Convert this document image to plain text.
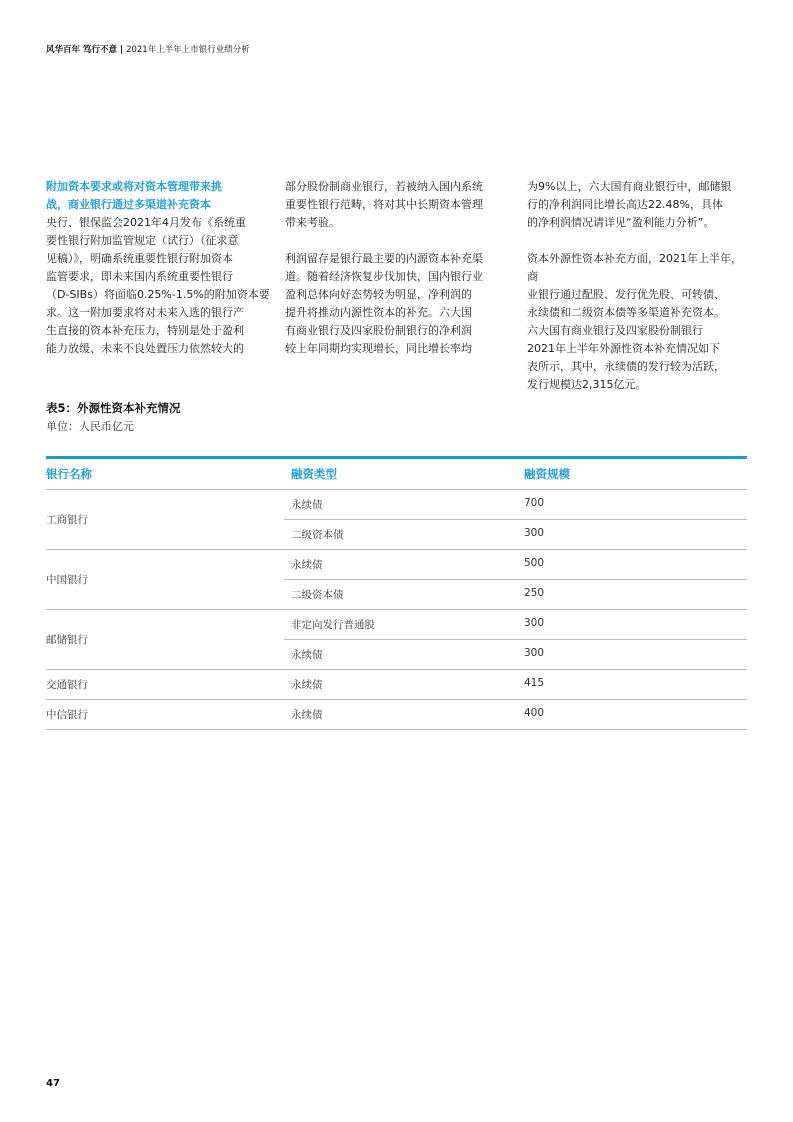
风华百年 笃行不意 | 2021年上半年上市银行业绩分析

附加资本要求或将对资本管理带来挑

战，商业银行通过多渠道补充资本

央行、银保监会2021年4月发布《系统重

要性银行附加监管规定（试行）（征求意

见稿）》，明确系统重要性银行附加资本

监管要求，即未来国内系统重要性银行

（D-SIBs）将面临0.25%-1.5%的附加资本要

求。这一附加要求将对未来入选的银行产

生直接的资本补充压力，特别是处于盈利

能力放缓、未来不良处置压力依然较大的

部分股份制商业银行，若被纳入国内系统

重要性银行范畴，将对其中长期资本管理

带来考验。

利润留存是银行最主要的内源资本补充渠

道。随着经济恢复步伐加快，国内银行业

盈利总体向好态势较为明显，净利润的

提升将推动内源性资本的补充。六大国

有商业银行及四家股份制银行的净利润

较上年同期均实现增长，同比增长率均

为9%以上，六大国有商业银行中，邮储银

行的净利润同比增长高达22.48%，具体

的净利润情况请详见“盈利能力分析”。

资本外源性资本补充方面，2021年上半年，商

业银行通过配股、发行优先股、可转债、

永续债和二级资本债等多渠道补充资本。

六大国有商业银行及四家股份制银行

2021年上半年外源性资本补充情况如下

表所示，其中，永续债的发行较为活跃，

发行规模达2,315亿元。

表5：外源性资本补充情况
单位：人民币亿元
银行名称	融资类型	融资规模
工商银行
永续债	700
二级资本债	300
中国银行
永续债	500
二级资本债	250
邮储银行
非定向发行普通股	300
永续债	300
交通银行	永续债	415
中信银行	永续债	400
47
